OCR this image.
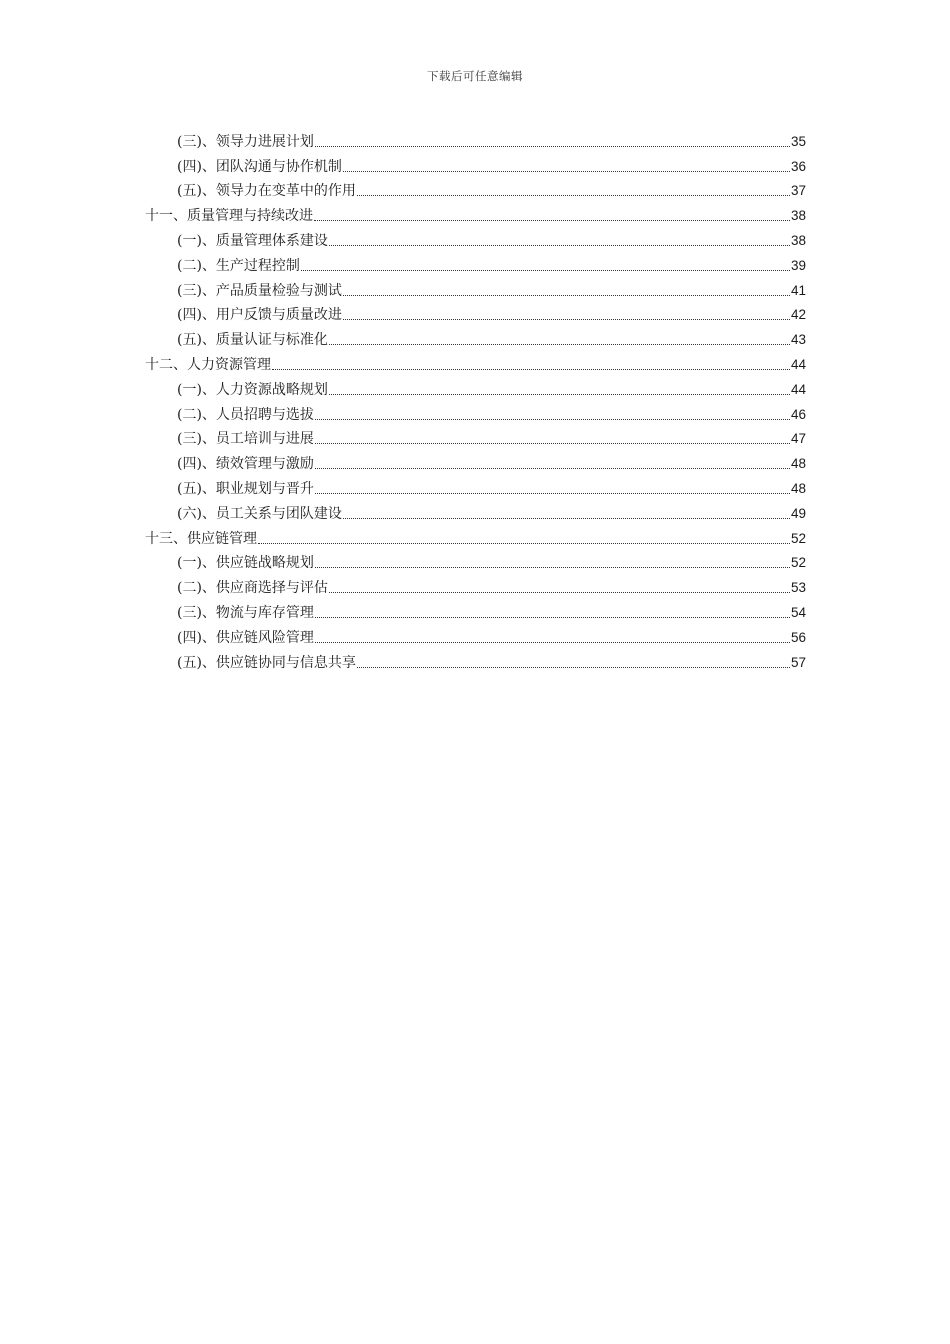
下载后可任意编辑
(三)、领导力进展计划	35
(四)、团队沟通与协作机制	36
(五)、领导力在变革中的作用	37
十一、质量管理与持续改进	38
(一)、质量管理体系建设	38
(二)、生产过程控制	39
(三)、产品质量检验与测试	41
(四)、用户反馈与质量改进	42
(五)、质量认证与标准化	43
十二、人力资源管理	44
(一)、人力资源战略规划	44
(二)、人员招聘与选拔	46
(三)、员工培训与进展	47
(四)、绩效管理与激励	48
(五)、职业规划与晋升	48
(六)、员工关系与团队建设	49
十三、供应链管理	52
(一)、供应链战略规划	52
(二)、供应商选择与评估	53
(三)、物流与库存管理	54
(四)、供应链风险管理	56
(五)、供应链协同与信息共享	57
